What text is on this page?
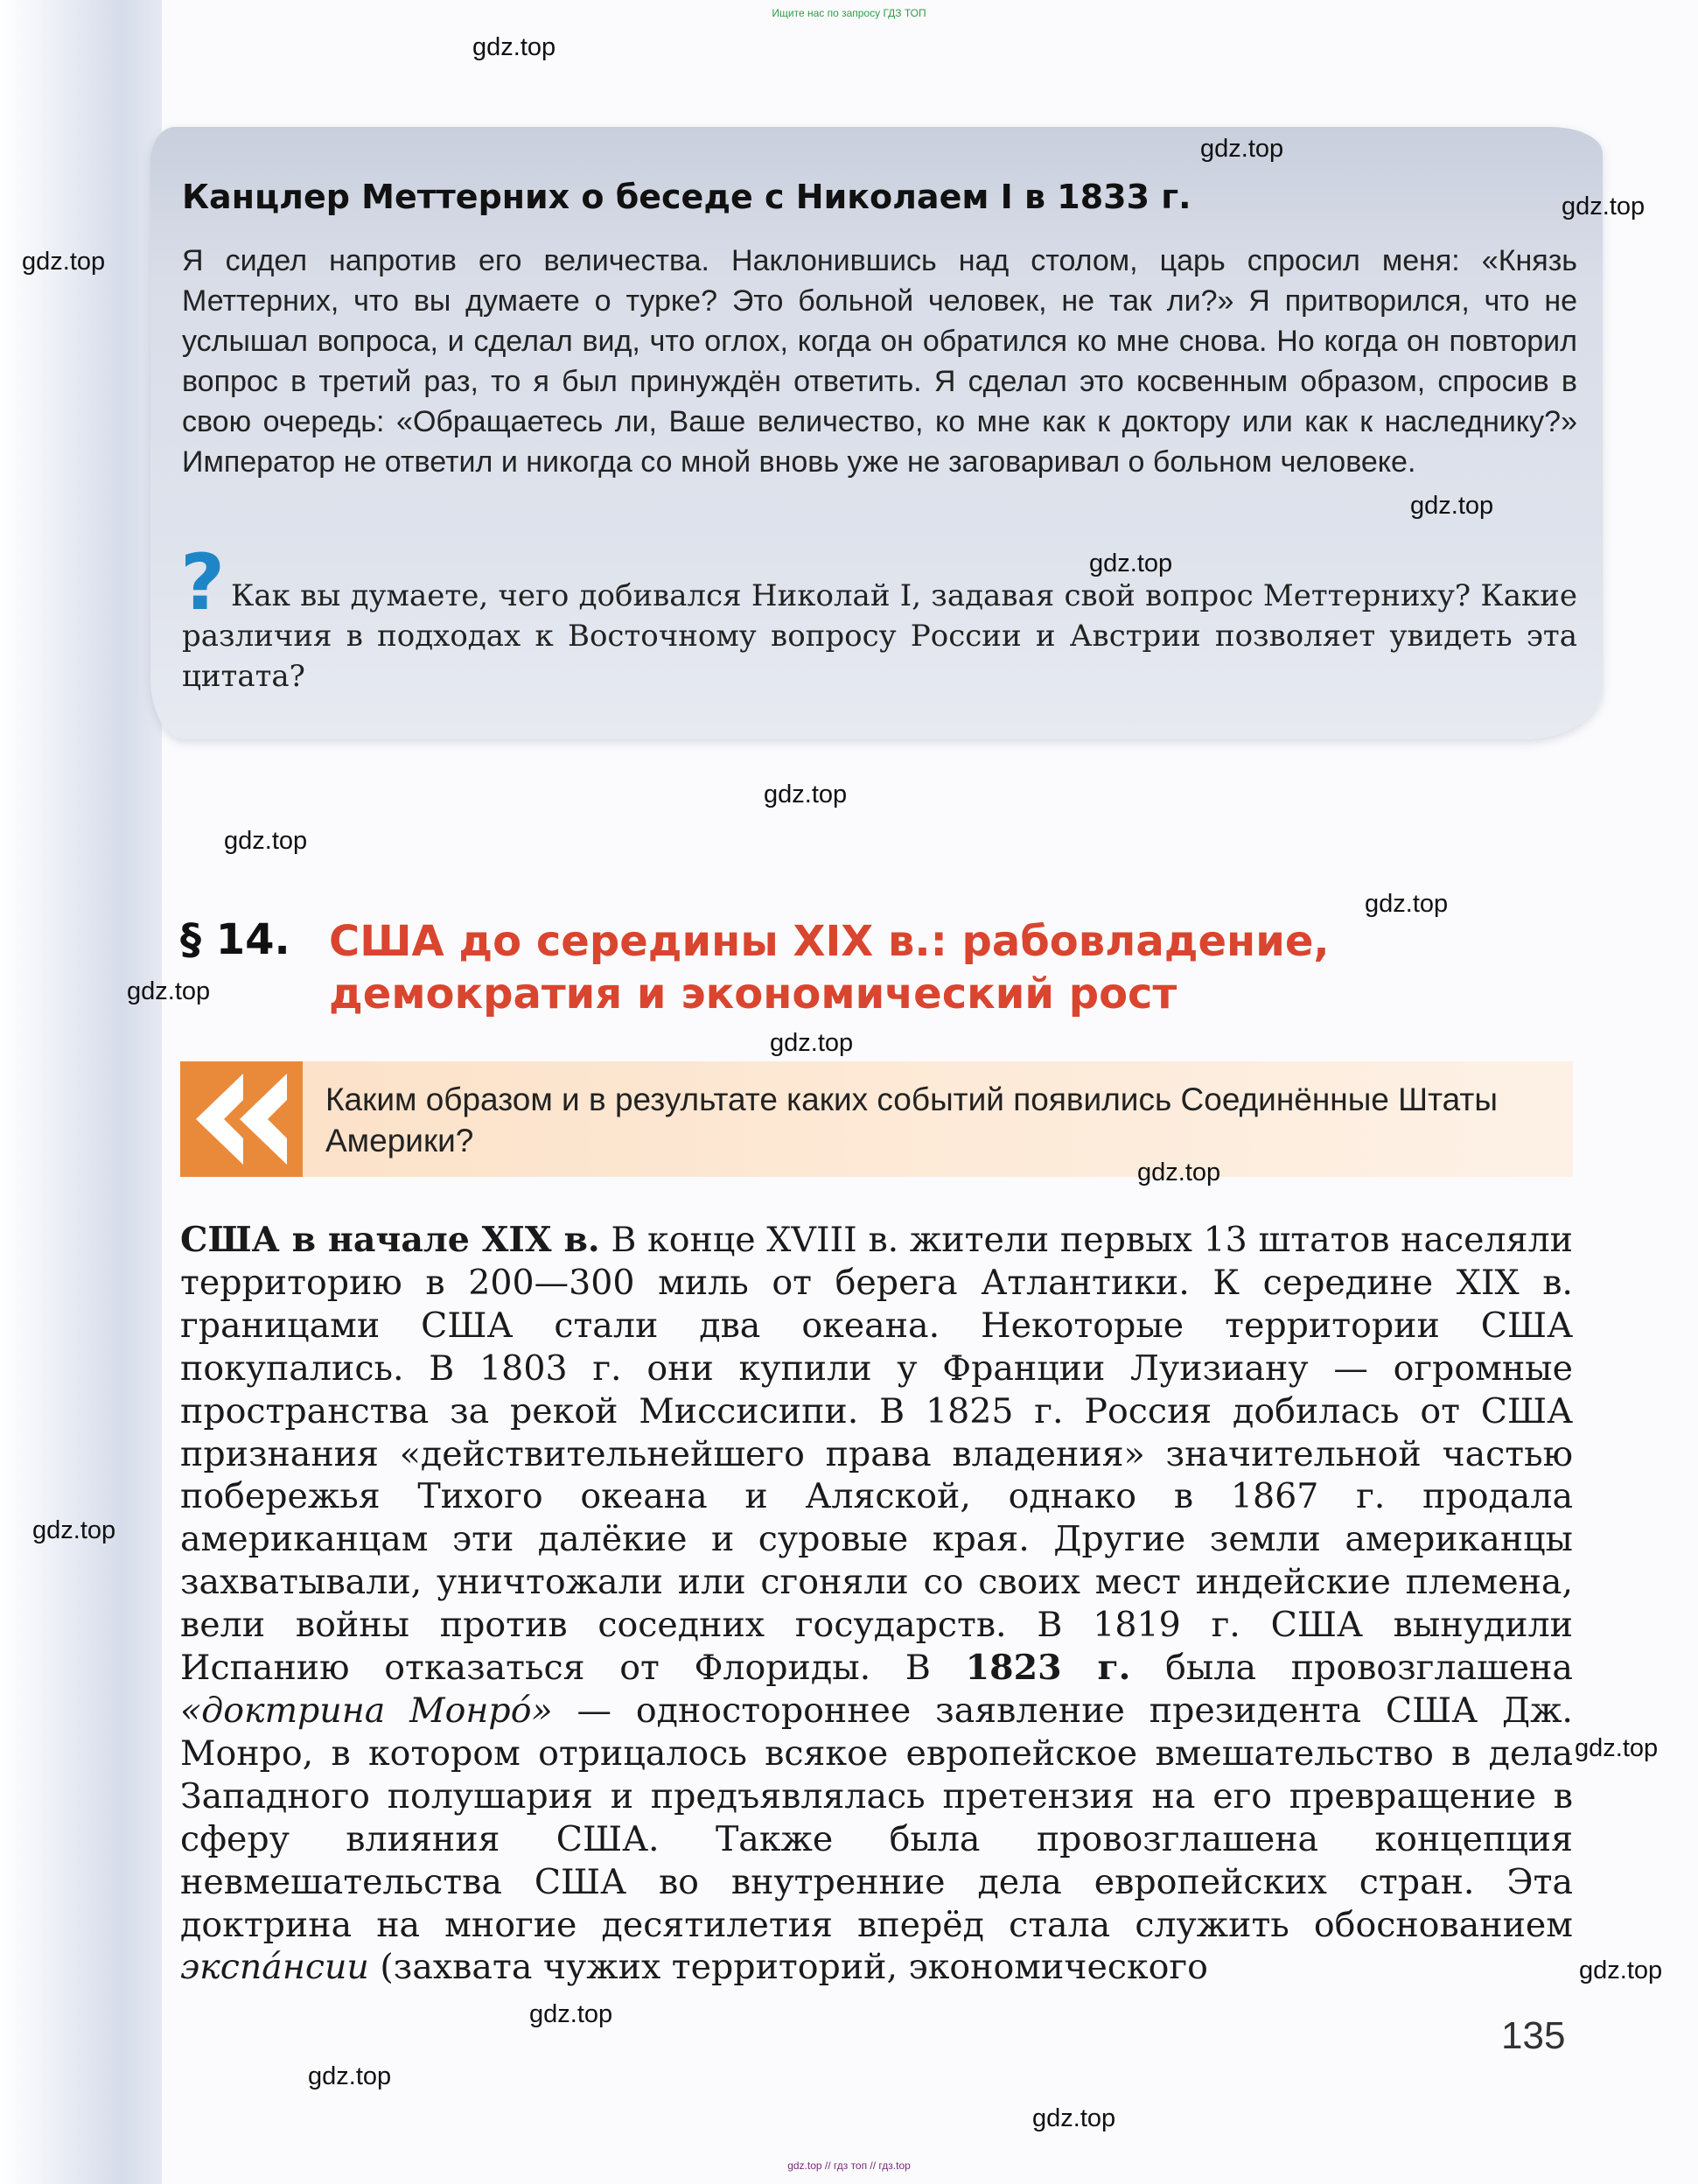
Ищите нас по запросу ГДЗ ТОП
Канцлер Меттерних о беседе с Николаем I в 1833 г.
Я сидел напротив его величества. Наклонившись над столом, царь спросил меня: «Князь Меттерних, что вы думаете о турке? Это больной человек, не так ли?» Я притворился, что не услышал вопроса, и сделал вид, что оглох, когда он обратился ко мне снова. Но когда он повторил вопрос в третий раз, то я был принуждён ответить. Я сделал это косвенным образом, спросив в свою очередь: «Обращаетесь ли, Ваше величество, ко мне как к доктору или как к наследнику?» Император не ответил и никогда со мной вновь уже не заговаривал о больном человеке.
? Как вы думаете, чего добивался Николай I, задавая свой вопрос Меттерниху? Какие различия в подходах к Восточному вопросу России и Австрии позволяет увидеть эта цитата?
§ 14. США до середины XIX в.: рабовладение,
демократия и экономический рост
Каким образом и в результате каких событий появились Соединённые Штаты Америки?
США в начале XIX в. В конце XVIII в. жители первых 13 штатов населяли территорию в 200—300 миль от берега Атлантики. К середине XIX в. границами США стали два океана. Некоторые территории США покупались. В 1803 г. они купили у Франции Луизиану — огромные пространства за рекой Миссисипи. В 1825 г. Россия добилась от США признания «действительнейшего права владения» значительной частью побережья Тихого океана и Аляской, однако в 1867 г. продала американцам эти далёкие и суровые края. Другие земли американцы захватывали, уничтожали или сгоняли со своих мест индейские племена, вели войны против соседних государств. В 1819 г. США вынудили Испанию отказаться от Флориды. В 1823 г. была провозглашена «доктрина Монро́» — одностороннее заявление президента США Дж. Монро, в котором отрицалось всякое европейское вмешательство в дела Западного полушария и предъявлялась претензия на его превращение в сферу влияния США. Также была провозглашена концепция невмешательства США во внутренние дела европейских стран. Эта доктрина на многие десятилетия вперёд стала служить обоснованием экспа́нсии (захвата чужих территорий, экономического
135
gdz.top
gdz.top
gdz.top
gdz.top
gdz.top
gdz.top
gdz.top
gdz.top
gdz.top
gdz.top
gdz.top
gdz.top
gdz.top
gdz.top
gdz.top
gdz.top
gdz.top
gdz.top
gdz.top // гдз топ // гдз.top
